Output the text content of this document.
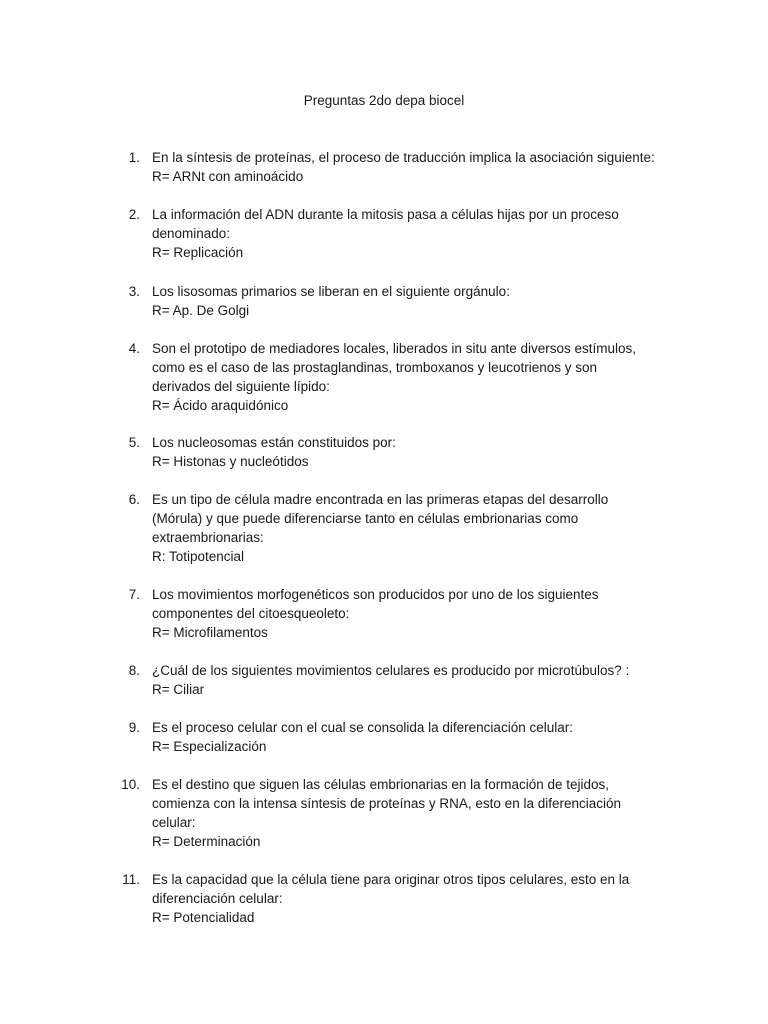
Preguntas 2do depa biocel
1. En la síntesis de proteínas, el proceso de traducción implica la asociación siguiente:
R= ARNt con aminoácido
2. La información del ADN durante la mitosis pasa a células hijas por un proceso
denominado:
R= Replicación
3. Los lisosomas primarios se liberan en el siguiente orgánulo:
R= Ap. De Golgi
4. Son el prototipo de mediadores locales, liberados in situ ante diversos estímulos,
como es el caso de las prostaglandinas, tromboxanos y leucotrienos y son
derivados del siguiente lípido:
R= Ácido araquidónico
5. Los nucleosomas están constituidos por:
R= Histonas y nucleótidos
6. Es un tipo de célula madre encontrada en las primeras etapas del desarrollo
(Mórula) y que puede diferenciarse tanto en células embrionarias como
extraembrionarias:
R: Totipotencial
7. Los movimientos morfogenéticos son producidos por uno de los siguientes
componentes del citoesqueoleto:
R= Microfilamentos
8. ¿Cuál de los siguientes movimientos celulares es producido por microtúbulos? :
R= Ciliar
9. Es el proceso celular con el cual se consolida la diferenciación celular:
R= Especialización
10. Es el destino que siguen las células embrionarias en la formación de tejidos,
comienza con la intensa síntesis de proteínas y RNA, esto en la diferenciación
celular:
R= Determinación
11. Es la capacidad que la célula tiene para originar otros tipos celulares, esto en la
diferenciación celular:
R= Potencialidad
